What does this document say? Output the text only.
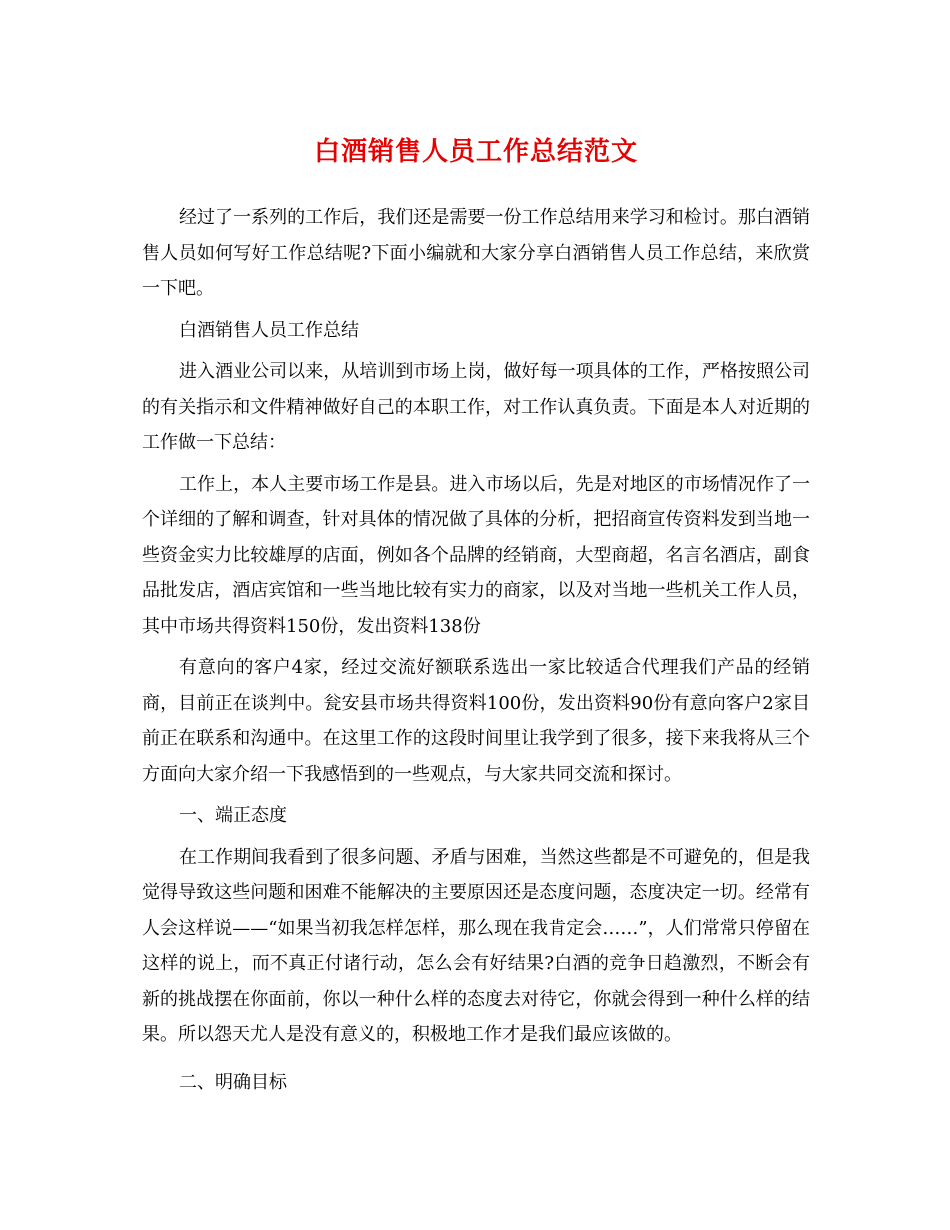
白酒销售人员工作总结范文

经过了一系列的工作后，我们还是需要一份工作总结用来学习和检讨。那白酒销售人员如何写好工作总结呢?下面小编就和大家分享白酒销售人员工作总结，来欣赏一下吧。

白酒销售人员工作总结

进入酒业公司以来，从培训到市场上岗，做好每一项具体的工作，严格按照公司的有关指示和文件精神做好自己的本职工作，对工作认真负责。下面是本人对近期的工作做一下总结：

工作上，本人主要市场工作是县。进入市场以后，先是对地区的市场情况作了一个详细的了解和调查，针对具体的情况做了具体的分析，把招商宣传资料发到当地一些资金实力比较雄厚的店面，例如各个品牌的经销商，大型商超，名言名酒店，副食品批发店，酒店宾馆和一些当地比较有实力的商家，以及对当地一些机关工作人员，其中市场共得资料150份，发出资料138份

有意向的客户4家，经过交流好额联系选出一家比较适合代理我们产品的经销商，目前正在谈判中。瓮安县市场共得资料100份，发出资料90份有意向客户2家目前正在联系和沟通中。在这里工作的这段时间里让我学到了很多，接下来我将从三个方面向大家介绍一下我感悟到的一些观点，与大家共同交流和探讨。

一、端正态度

在工作期间我看到了很多问题、矛盾与困难，当然这些都是不可避免的，但是我觉得导致这些问题和困难不能解决的主要原因还是态度问题，态度决定一切。经常有人会这样说——“如果当初我怎样怎样，那么现在我肯定会……”，人们常常只停留在这样的说上，而不真正付诸行动，怎么会有好结果?白酒的竞争日趋激烈，不断会有新的挑战摆在你面前，你以一种什么样的态度去对待它，你就会得到一种什么样的结果。所以怨天尤人是没有意义的，积极地工作才是我们最应该做的。

二、明确目标
